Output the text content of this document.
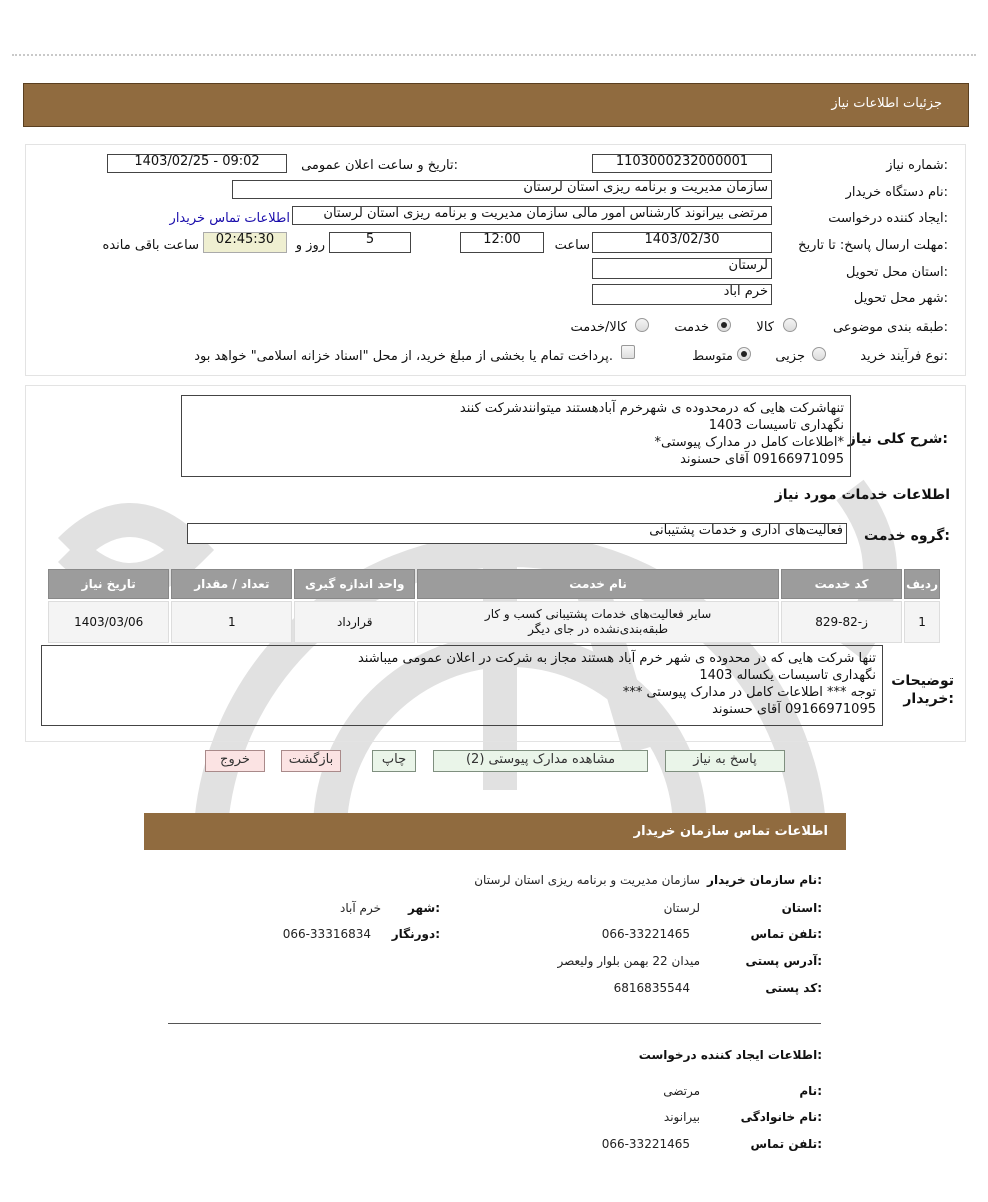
جزئیات اطلاعات نیاز
شماره نیاز:
1103000232000001
تاریخ و ساعت اعلان عمومی:
1403/02/25 - 09:02
نام دستگاه خریدار:
سازمان مدیریت و برنامه ریزی استان لرستان
ایجاد کننده درخواست:
مرتضی بیرانوند کارشناس امور مالی سازمان مدیریت و برنامه ریزی استان لرستان
اطلاعات تماس خریدار
مهلت ارسال پاسخ: تا تاریخ:
1403/02/30
ساعت
12:00
5
روز و
02:45:30
ساعت باقی مانده
استان محل تحویل:
لرستان
شهر محل تحویل:
خرم آباد
طبقه بندی موضوعی:
کالا
خدمت
کالا/خدمت
نوع فرآیند خرید:
جزیی
متوسط
پرداخت تمام یا بخشی از مبلغ خرید، از محل "اسناد خزانه اسلامی" خواهد بود.
شرح کلی نیاز:
تنهاشرکت هایی که درمحدوده ی شهرخرم آبادهستند میتوانندشرکت کنند
نگهداری تاسیسات 1403
*اطلاعات کامل در مدارک پیوستی*
09166971095 آقای حسنوند
اطلاعات خدمات مورد نیاز
گروه خدمت:
فعالیت‌های اداری و خدمات پشتیبانی
ردیف	کد خدمت	نام خدمت	واحد اندازه گیری	تعداد / مقدار	تاریخ نیاز
1	ز-82-829	سایر فعالیت‌های خدمات پشتیبانی کسب و کار طبقه‌بندی‌نشده در جای دیگر	قرارداد	1	1403/03/06
توضیحات خریدار:
تنها شرکت هایی که در محدوده ی شهر خرم آباد هستند مجاز به شرکت در اعلان عمومی میباشند
نگهداری تاسیسات یکساله 1403
توجه *** اطلاعات کامل در مدارک پیوستی ***
09166971095 آقای حسنوند
پاسخ به نیاز
مشاهده مدارک پیوستی (2)
چاپ
بازگشت
خروج
اطلاعات تماس سازمان خریدار
نام سازمان خریدار:
سازمان مدیریت و برنامه ریزی استان لرستان
استان:
لرستان
شهر:
خرم آباد
تلفن تماس:
066-33221465
دورنگار:
066-33316834
آدرس پستی:
میدان 22 بهمن بلوار ولیعصر
کد پستی:
6816835544
اطلاعات ایجاد کننده درخواست:
نام:
مرتضی
نام خانوادگی:
بیرانوند
تلفن تماس:
066-33221465
